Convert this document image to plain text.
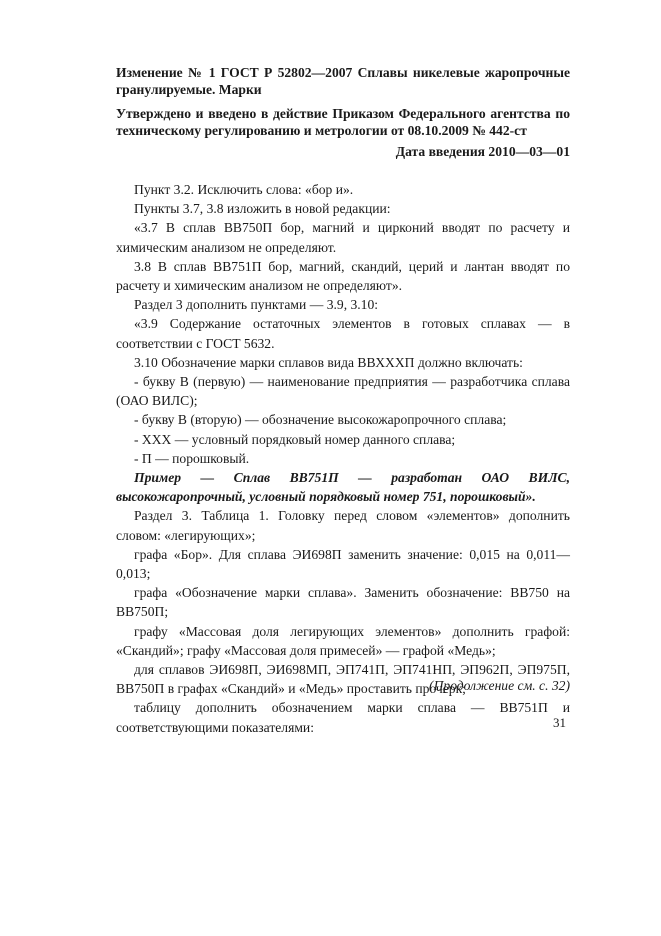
Изменение № 1 ГОСТ Р 52802—2007 Сплавы никелевые жаропрочные гранулируемые. Марки

Утверждено и введено в действие Приказом Федерального агентства по техническому регулированию и метрологии от 08.10.2009 № 442-ст

Дата введения 2010—03—01

Пункт 3.2. Исключить слова: «бор и».

Пункты 3.7, 3.8 изложить в новой редакции:

«3.7 В сплав ВВ750П бор, магний и цирконий вводят по расчету и химическим анализом не определяют.

3.8 В сплав ВВ751П бор, магний, скандий, церий и лантан вводят по расчету и химическим анализом не определяют».

Раздел 3 дополнить пунктами — 3.9, 3.10:

«3.9 Содержание остаточных элементов в готовых сплавах — в соответствии с ГОСТ 5632.

3.10 Обозначение марки сплавов вида ВВХХХП должно включать:

- букву В (первую) — наименование предприятия — разработчика сплава (ОАО ВИЛС);

- букву В (вторую) — обозначение высокожаропрочного сплава;

- ХХХ — условный порядковый номер данного сплава;

- П — порошковый.

Пример — Сплав ВВ751П — разработан ОАО ВИЛС, высокожаропрочный, условный порядковый номер 751, порошковый».

Раздел 3. Таблица 1. Головку перед словом «элементов» дополнить словом: «легирующих»;

графа «Бор». Для сплава ЭИ698П заменить значение: 0,015 на 0,011—0,013;

графа «Обозначение марки сплава». Заменить обозначение: ВВ750 на ВВ750П;

графу «Массовая доля легирующих элементов» дополнить графой: «Скандий»; графу «Массовая доля примесей» — графой «Медь»;

для сплавов ЭИ698П, ЭИ698МП, ЭП741П, ЭП741НП, ЭП962П, ЭП975П, ВВ750П в графах «Скандий» и «Медь» проставить прочерк;

таблицу дополнить обозначением марки сплава — ВВ751П и соответствующими показателями:

(Продолжение см. с. 32)
31
